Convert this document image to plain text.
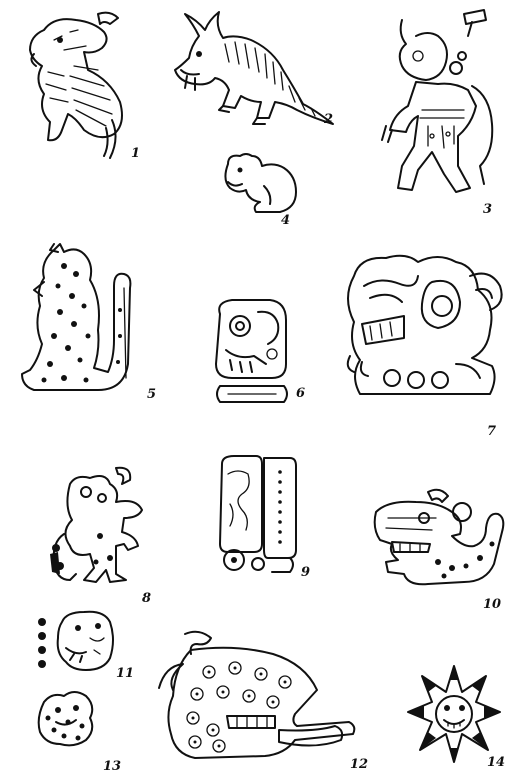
1
2
3
4
5	6
7
8
9
10
11
12
13	14
